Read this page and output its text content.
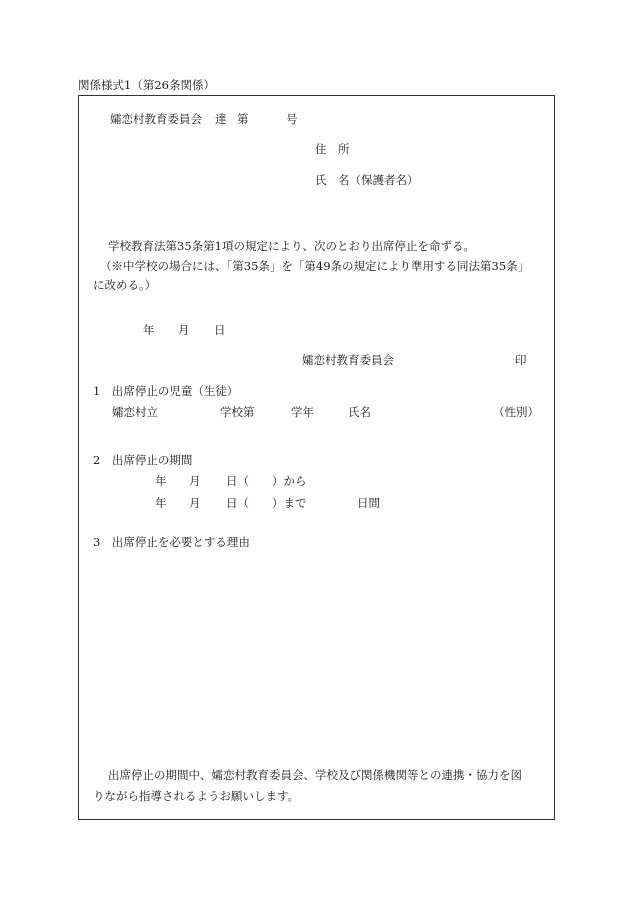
関係様式1（第26条関係）
孀恋村教育委員会 達 第	号
住　所
氏　名（保護者名）
学校教育法第35条第1項の規定により、次のとおり出席停止を命ずる。
（※中学校の場合には、「第35条」を「第49条の規定により準用する同法第35条」
に改める。）
年 月 日
孀恋村教育委員会	印
1　出席停止の児童（生徒）
孀恋村立	学校第	学年	氏名	（性別）
2　出席停止の期間
年 月 日（　　）から
年 月 日（　　）まで	日間
3　出席停止を必要とする理由
出席停止の期間中、孀恋村教育委員会、学校及び関係機関等との連携・協力を図
りながら指導されるようお願いします。
